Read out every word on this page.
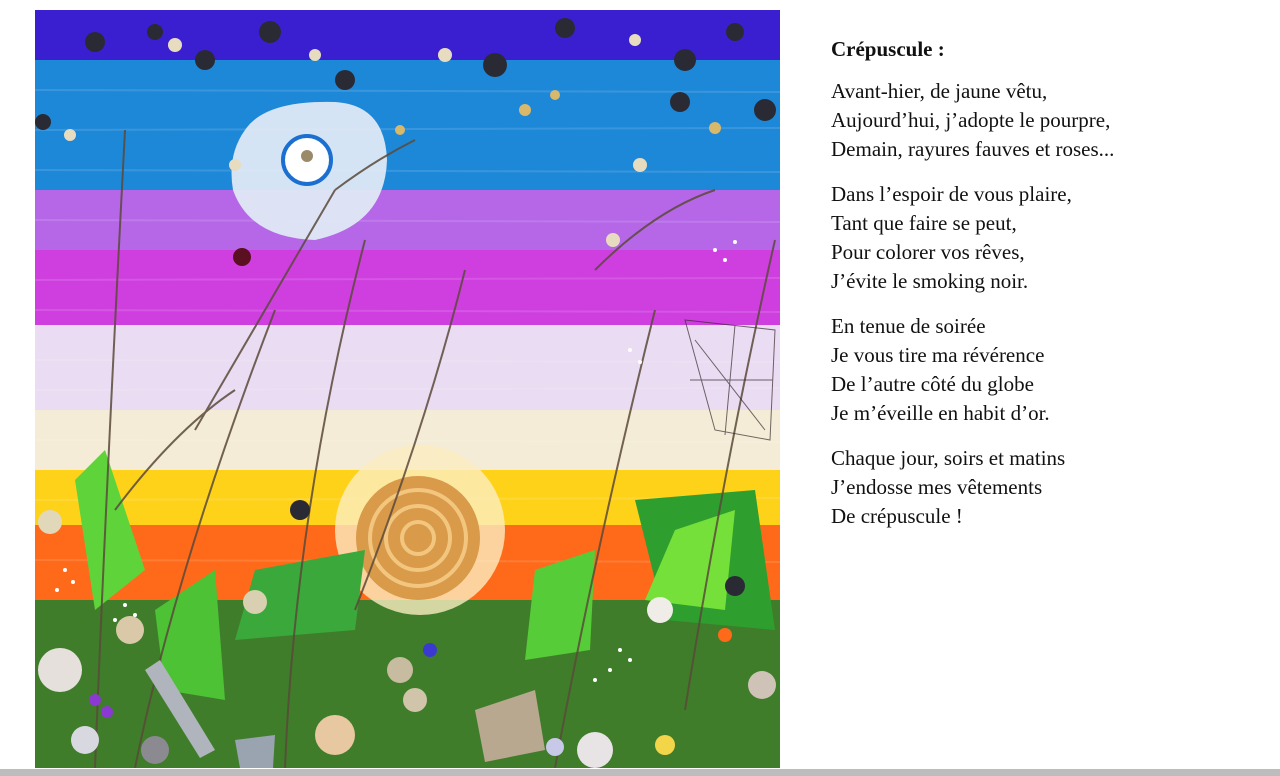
Crépuscule :
Avant-hier, de jaune vêtu,
Aujourd’hui, j’adopte le pourpre,
Demain, rayures fauves et roses...
Dans l’espoir de vous plaire,
Tant que faire se peut,
Pour colorer vos rêves,
J’évite le smoking noir.
En tenue de soirée
Je vous tire ma révérence
De l’autre côté du globe
Je m’éveille en habit d’or.
Chaque jour, soirs et matins
J’endosse mes vêtements
De crépuscule !
